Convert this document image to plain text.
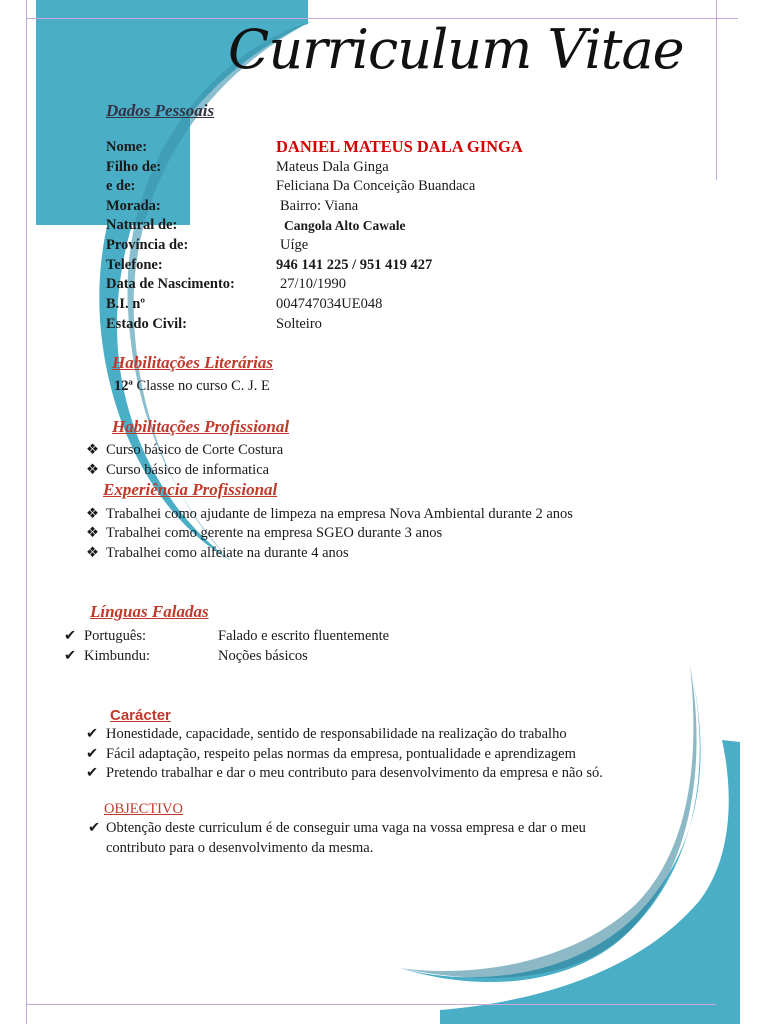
Curriculum Vitae
Dados Pessoais
Nome:	DANIEL MATEUS DALA GINGA
Filho de:	Mateus Dala Ginga
e de:	Feliciana Da Conceição Buandaca
Morada:	Bairro: Viana
Natural de:	Cangola Alto Cawale
Província de:	Uíge
Telefone:	946 141 225 / 951 419 427
Data de Nascimento:	27/10/1990
B.I. nº	004747034UE048
Estado Civil:	Solteiro
Habilitações Literárias
12ª Classe no curso C. J. E
Habilitações Profissional
❖ Curso básico de Corte Costura
❖ Curso básico de informatica
Experiência Profissional
❖ Trabalhei como ajudante de limpeza na empresa Nova Ambiental durante 2 anos
❖ Trabalhei como gerente na empresa SGEO durante 3 anos
❖ Trabalhei como alfeiate na durante 4 anos
Línguas Faladas
✔ Português:	Falado e escrito fluentemente
✔ Kimbundu:	Noções básicos
Carácter
✔ Honestidade, capacidade, sentido de responsabilidade na realização do trabalho
✔ Fácil adaptação, respeito pelas normas da empresa, pontualidade e aprendizagem
✔ Pretendo trabalhar e dar o meu contributo para desenvolvimento da empresa e não só.
OBJECTIVO
✔ Obtenção deste curriculum é de conseguir uma vaga na vossa empresa e dar o meu
contributo para o desenvolvimento da mesma.
